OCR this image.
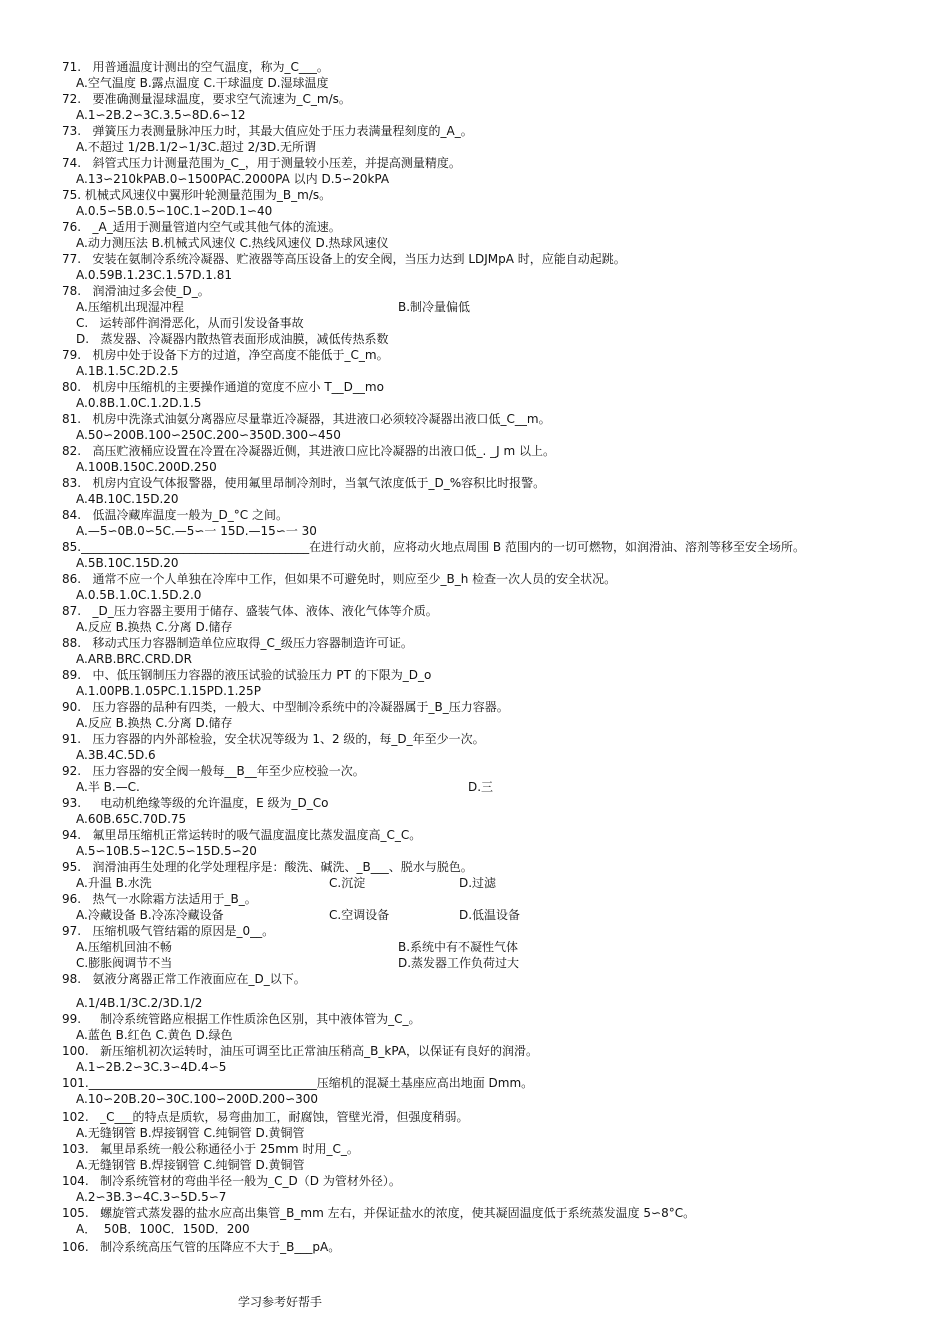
71.   用普通温度计测出的空气温度，称为_C___。
A.空气温度 B.露点温度 C.干球温度 D.湿球温度
72.   要准确测量湿球温度，要求空气流速为_C_m/s。
A.1∽2B.2∽3C.3.5∽8D.6∽12
73.   弹簧压力表测量脉冲压力时，其最大值应处于压力表满量程刻度的_A_。
A.不超过 1/2B.1/2∽1/3C.超过 2/3D.无所谓
74.   斜管式压力计测量范围为_C_，用于测量较小压差，并提高测量精度。
A.13∽210kPAB.0∽1500PAC.2000PA 以内 D.5∽20kPA
75. 机械式风速仪中翼形叶轮测量范围为_B_m/s。
A.0.5∽5B.0.5∽10C.1∽20D.1∽40
76.   _A_适用于测量管道内空气或其他气体的流速。
A.动力测压法 B.机械式风速仪 C.热线风速仪 D.热球风速仪
77.   安装在氨制冷系统冷凝器、贮液器等高压设备上的安全阀，当压力达到 LDJMpA 时，应能自动起跳。
A.0.59B.1.23C.1.57D.1.81
78.   润滑油过多会使_D_。
A.压缩机出现湿冲程	B.制冷量偏低
C.   运转部件润滑恶化，从而引发设备事故
D.   蒸发器、冷凝器内散热管表面形成油膜，减低传热系数
79.   机房中处于设备下方的过道，净空高度不能低于_C_m。
A.1B.1.5C.2D.2.5
80.   机房中压缩机的主要操作通道的宽度不应小 T__D__mo
A.0.8B.1.0C.1.2D.1.5
81.   机房中洗涤式油氨分离器应尽量靠近冷凝器，其进液口必须较冷凝器出液口低_C__m。
A.50∽200B.100∽250C.200∽350D.300∽450
82.   高压贮液桶应设置在冷置在冷凝器近侧，其进液口应比冷凝器的出液口低_. _J m 以上。
A.100B.150C.200D.250
83.   机房内宜设气体报警器，使用氟里昂制冷剂时，当氧气浓度低于_D_%容积比时报警。
A.4B.10C.15D.20
84.   低温冷藏库温度一般为_D_°C 之间。
A.—5∽0B.0∽5C.—5∽一 15D.—15∽一 30
85.______________________________________在进行动火前，应将动火地点周围 B 范围内的一切可燃物，如润滑油、溶剂等移至安全场所。
A.5B.10C.15D.20
86.   通常不应一个人单独在冷库中工作，但如果不可避免时，则应至少_B_h 检查一次人员的安全状况。
A.0.5B.1.0C.1.5D.2.0
87.   _D_压力容器主要用于储存、盛装气体、液体、液化气体等介质。
A.反应 B.换热 C.分离 D.储存
88.   移动式压力容器制造单位应取得_C_级压力容器制造许可证。
A.ARB.BRC.CRD.DR
89.   中、低压钢制压力容器的液压试验的试验压力 PT 的下限为_D_o
A.1.00PB.1.05PC.1.15PD.1.25P
90.   压力容器的品种有四类，一般大、中型制冷系统中的冷凝器属于_B_压力容器。
A.反应 B.换热 C.分离 D.储存
91.   压力容器的内外部检验，安全状况等级为 1、2 级的，每_D_年至少一次。
A.3B.4C.5D.6
92.   压力容器的安全阀一般每__B__年至少应校验一次。
A.半 B.—C.	D.三
93.     电动机绝缘等级的允许温度，E 级为_D_Co
A.60B.65C.70D.75
94.   氟里昂压缩机正常运转时的吸气温度温度比蒸发温度高_C_C。
A.5∽10B.5∽12C.5∽15D.5∽20
95.   润滑油再生处理的化学处理程序是：酸洗、碱洗、_B___、脱水与脱色。
A.升温 B.水洗	C.沉淀	D.过滤
96.   热气一水除霜方法适用于_B_。
A.冷藏设备 B.冷冻冷藏设备	C.空调设备	D.低温设备
97.   压缩机吸气管结霜的原因是_0__。
A.压缩机回油不畅	B.系统中有不凝性气体
C.膨胀阀调节不当	D.蒸发器工作负荷过大
98.   氨液分离器正常工作液面应在_D_以下。
A.1/4B.1/3C.2/3D.1/2
99.     制冷系统管路应根据工作性质涂色区别，其中液体管为_C_。
A.蓝色 B.红色 C.黄色 D.绿色
100.   新压缩机初次运转时，油压可调至比正常油压稍高_B_kPA，以保证有良好的润滑。
A.1∽2B.2∽3C.3∽4D.4∽5
101.______________________________________压缩机的混凝土基座应高出地面 Dmm。
A.10∽20B.20∽30C.100∽200D.200∽300
102.   _C___的特点是质软，易弯曲加工，耐腐蚀，管壁光滑，但强度稍弱。
A.无缝钢管 B.焊接钢管 C.纯铜管 D.黄铜管
103.   氟里昂系统一般公称通径小于 25mm 时用_C_。
A.无缝钢管 B.焊接钢管 C.纯铜管 D.黄铜管
104.   制冷系统管材的弯曲半径一般为_C_D（D 为管材外径）。
A.2∽3B.3∽4C.3∽5D.5∽7
105.   螺旋管式蒸发器的盐水应高出集管_B_mm 左右，并保证盐水的浓度，使其凝固温度低于系统蒸发温度 5∽8°C。
A．  50B．100C．150D．200
106.   制冷系统高压气管的压降应不大于_B___pA。
学习参考好帮手
